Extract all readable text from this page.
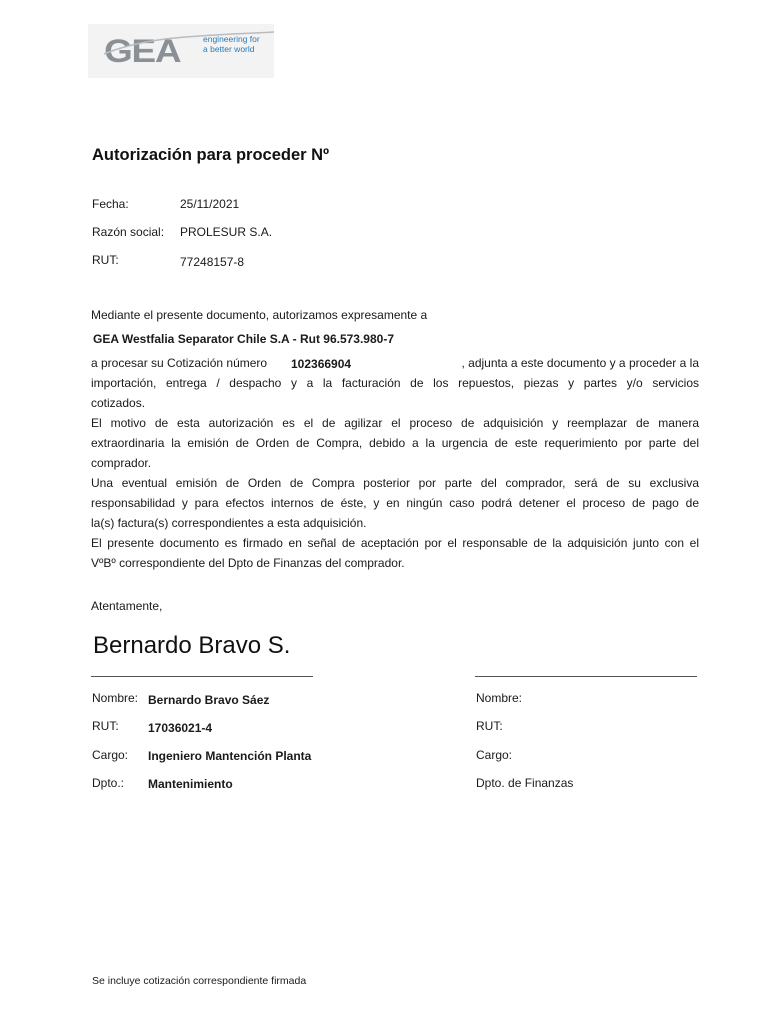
GEA	engineering for
a better world
Autorización para proceder Nº
Fecha:	25/11/2021
Razón social: PROLESUR S.A.
RUT:	77248157-8
Mediante el presente documento, autorizamos expresamente a
GEA Westfalia Separator Chile S.A - Rut 96.573.980-7
a procesar su Cotización número 102366904	, adjunta a este documento y a proceder a la
importación, entrega / despacho y a la facturación de los repuestos, piezas y partes y/o servicios
cotizados.
El motivo de esta autorización es el de agilizar el proceso de adquisición y reemplazar de manera
extraordinaria la emisión de Orden de Compra, debido a la urgencia de este requerimiento por parte del
comprador.
Una eventual emisión de Orden de Compra posterior por parte del comprador, será de su exclusiva
responsabilidad y para efectos internos de éste, y en ningún caso podrá detener el proceso de pago de
la(s) factura(s) correspondientes a esta adquisición.
El presente documento es firmado en señal de aceptación por el responsable de la adquisición junto con el
VºBº correspondiente del Dpto de Finanzas del comprador.
Atentamente,
Bernardo Bravo S.
Nombre: Bernardo Bravo Sáez
RUT: 17036021-4
Cargo: Ingeniero Mantención Planta
Dpto.: Mantenimiento
Nombre:
RUT:
Cargo:
Dpto. de Finanzas
Se incluye cotización correspondiente firmada
